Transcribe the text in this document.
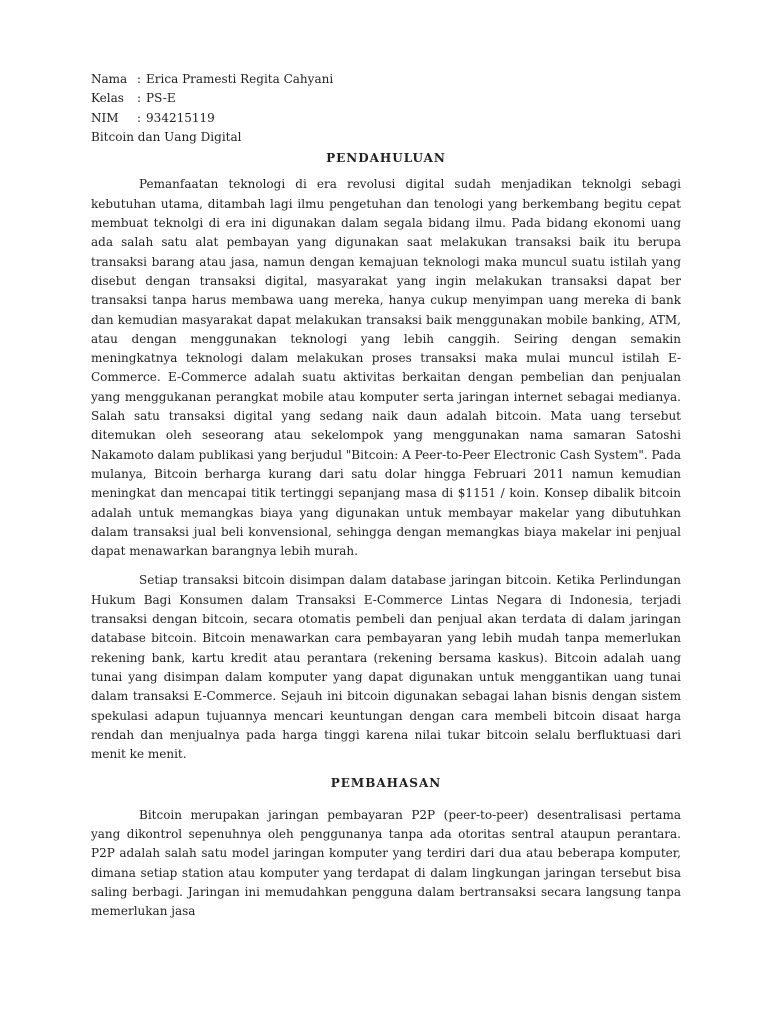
Nama : Erica Pramesti Regita Cahyani
Kelas : PS-E
NIM : 934215119
Bitcoin dan Uang Digital
PENDAHULUAN

Pemanfaatan teknologi di era revolusi digital sudah menjadikan teknolgi sebagi kebutuhan utama, ditambah lagi ilmu pengetuhan dan tenologi yang berkembang begitu cepat membuat teknolgi di era ini digunakan dalam segala bidang ilmu. Pada bidang ekonomi uang ada salah satu alat pembayan yang digunakan saat melakukan transaksi baik itu berupa transaksi barang atau jasa, namun dengan kemajuan teknologi maka muncul suatu istilah yang disebut dengan transaksi digital, masyarakat yang ingin melakukan transaksi dapat ber transaksi tanpa harus membawa uang mereka, hanya cukup menyimpan uang mereka di bank dan kemudian masyarakat dapat melakukan transaksi baik menggunakan mobile banking, ATM, atau dengan menggunakan teknologi yang lebih canggih. Seiring dengan semakin meningkatnya teknologi dalam melakukan proses transaksi maka mulai muncul istilah E-Commerce. E-Commerce adalah suatu aktivitas berkaitan dengan pembelian dan penjualan yang menggukanan perangkat mobile atau komputer serta jaringan internet sebagai medianya. Salah satu transaksi digital yang sedang naik daun adalah bitcoin. Mata uang tersebut ditemukan oleh seseorang atau sekelompok yang menggunakan nama samaran Satoshi Nakamoto dalam publikasi yang berjudul "Bitcoin: A Peer-to-Peer Electronic Cash System". Pada mulanya, Bitcoin berharga kurang dari satu dolar hingga Februari 2011 namun kemudian meningkat dan mencapai titik tertinggi sepanjang masa di $1151 / koin. Konsep dibalik bitcoin adalah untuk memangkas biaya yang digunakan untuk membayar makelar yang dibutuhkan dalam transaksi jual beli konvensional, sehingga dengan memangkas biaya makelar ini penjual dapat menawarkan barangnya lebih murah.

Setiap transaksi bitcoin disimpan dalam database jaringan bitcoin. Ketika Perlindungan Hukum Bagi Konsumen dalam Transaksi E-Commerce Lintas Negara di Indonesia, terjadi transaksi dengan bitcoin, secara otomatis pembeli dan penjual akan terdata di dalam jaringan database bitcoin. Bitcoin menawarkan cara pembayaran yang lebih mudah tanpa memerlukan rekening bank, kartu kredit atau perantara (rekening bersama kaskus). Bitcoin adalah uang tunai yang disimpan dalam komputer yang dapat digunakan untuk menggantikan uang tunai dalam transaksi E-Commerce. Sejauh ini bitcoin digunakan sebagai lahan bisnis dengan sistem spekulasi adapun tujuannya mencari keuntungan dengan cara membeli bitcoin disaat harga rendah dan menjualnya pada harga tinggi karena nilai tukar bitcoin selalu berfluktuasi dari menit ke menit.

PEMBAHASAN

Bitcoin merupakan jaringan pembayaran P2P (peer-to-peer) desentralisasi pertama yang dikontrol sepenuhnya oleh penggunanya tanpa ada otoritas sentral ataupun perantara. P2P adalah salah satu model jaringan komputer yang terdiri dari dua atau beberapa komputer, dimana setiap station atau komputer yang terdapat di dalam lingkungan jaringan tersebut bisa saling berbagi. Jaringan ini memudahkan pengguna dalam bertransaksi secara langsung tanpa memerlukan jasa
